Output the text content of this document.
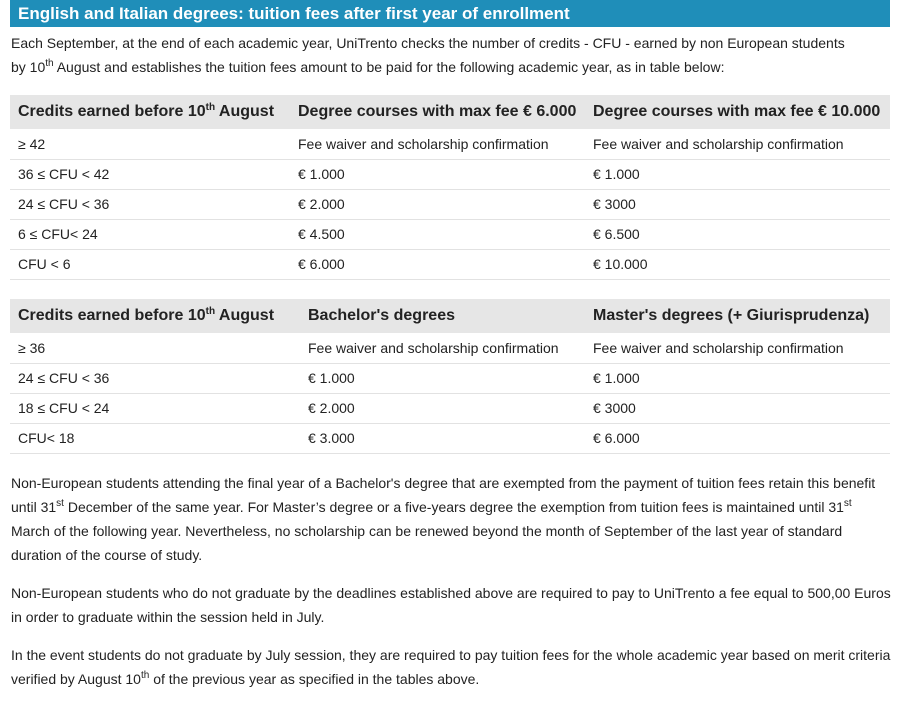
English and Italian degrees: tuition fees after first year of enrollment
Each September, at the end of each academic year, UniTrento checks the number of credits - CFU - earned by non European students
by 10th August and establishes the tuition fees amount to be paid for the following academic year, as in table below:
Credits earned before 10th August	Degree courses with max fee € 6.000	Degree courses with max fee € 10.000
≥ 42	Fee waiver and scholarship confirmation	Fee waiver and scholarship confirmation
36 ≤ CFU < 42	€ 1.000	€ 1.000
24 ≤ CFU < 36	€ 2.000	€ 3000
6 ≤ CFU< 24	€ 4.500	€ 6.500
CFU < 6	€ 6.000	€ 10.000
Credits earned before 10th August	Bachelor's degrees	Master's degrees (+ Giurisprudenza)
≥ 36	Fee waiver and scholarship confirmation	Fee waiver and scholarship confirmation
24 ≤ CFU < 36	€ 1.000	€ 1.000
18 ≤ CFU < 24	€ 2.000	€ 3000
CFU< 18	€ 3.000	€ 6.000
Non-European students attending the final year of a Bachelor's degree that are exempted from the payment of tuition fees retain this benefit until 31st December of the same year. For Master’s degree or a five-years degree the exemption from tuition fees is maintained until 31st March of the following year. Nevertheless, no scholarship can be renewed beyond the month of September of the last year of standard duration of the course of study.
Non-European students who do not graduate by the deadlines established above are required to pay to UniTrento a fee equal to 500,00 Euros in order to graduate within the session held in July.
In the event students do not graduate by July session, they are required to pay tuition fees for the whole academic year based on merit criteria verified by August 10th of the previous year as specified in the tables above.
